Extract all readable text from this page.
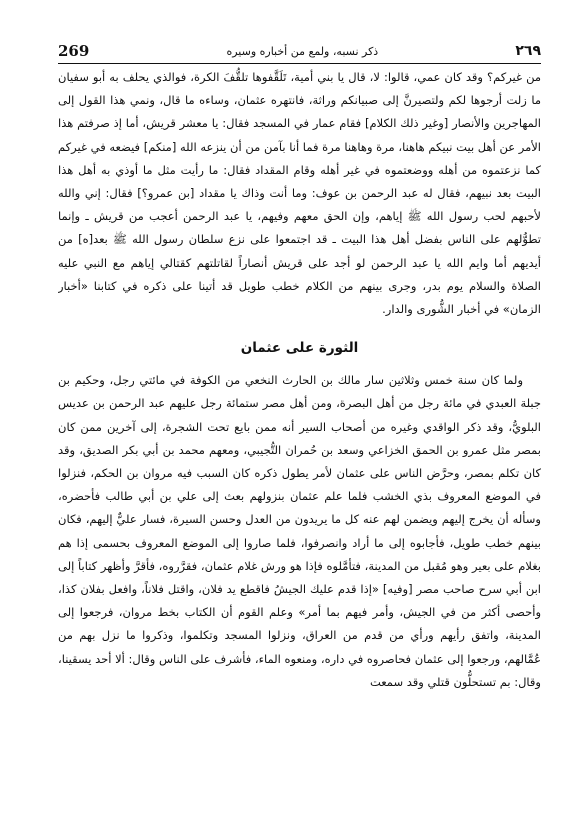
269	ذكر نسبه، ولمع من أخباره وسيره	٢٦٩

من غيركم؟ وقد كان عمي، قالوا: لا، قال يا بني أمية، تَلَقَّفوها تلقُّفَ الكرة، فوالذي يحلف به أبو سفيان ما زلت أرجوها لكم ولتصيرنَّ إلى صبيانكم وراثة، فانتهره عثمان، وساءه ما قال، ونمي هذا القول إلى المهاجرين والأنصار [وغير ذلك الكلام] فقام عمار في المسجد فقال: يا معشر قريش، أما إذ صرفتم هذا الأمر عن أهل بيت نبيكم هاهنا، مرة وهاهنا مرة فما أنا بآمن من أن ينزعه الله [منكم] فيضعه في غيركم كما نزعتموه من أهله ووضعتموه في غير أهله وقام المقداد فقال: ما رأيت مثل ما أوذي به أهل هذا البيت بعد نبيهم، فقال له عبد الرحمن بن عوف: وما أنت وذاك يا مقداد [بن عمرو؟] فقال: إني والله لأحبهم لحب رسول الله ﷺ إياهم، وإن الحق معهم وفيهم، يا عبد الرحمن أعجب من قريش ـ وإنما تطوُّلهم على الناس بفضل أهل هذا البيت ـ قد اجتمعوا على نزع سلطان رسول الله ﷺ بعد[ه] من أيديهم أما وايم الله يا عبد الرحمن لو أجد على قريش أنصاراً لقاتلتهم كقتالي إياهم مع النبي عليه الصلاة والسلام يوم بدر، وجرى بينهم من الكلام خطب طويل قد أتينا على ذكره في كتابنا «أخبار الزمان» في أخبار الشُّورى والدار.

الثورة على عثمان

ولما كان سنة خمس وثلاثين سار مالك بن الحارث النخعي من الكوفة في مائتي رجل، وحكيم بن جبلة العبدي في مائة رجل من أهل البصرة، ومن أهل مصر ستمائة رجل عليهم عبد الرحمن بن عديس البلويُّ، وقد ذكر الواقدي وغيره من أصحاب السير أنه ممن بايع تحت الشجرة، إلى آخرين ممن كان بمصر مثل عمرو بن الحمق الخزاعي وسعد بن حُمران التُّجيبي، ومعهم محمد بن أبي بكر الصديق، وقد كان تكلم بمصر، وحرَّض الناس على عثمان لأمر يطول ذكره كان السبب فيه مروان بن الحكم، فنزلوا في الموضع المعروف بذي الخشب فلما علم عثمان بنزولهم بعث إلى علي بن أبي طالب فأحضره، وسأله أن يخرج إليهم ويضمن لهم عنه كل ما يريدون من العدل وحسن السيرة، فسار عليٌّ إليهم، فكان بينهم خطب طويل، فأجابوه إلى ما أراد وانصرفوا، فلما صاروا إلى الموضع المعروف بحسمى إذا هم بغلام على بعير وهو مُقبل من المدينة، فتأمَّلوه فإذا هو ورش غلام عثمان، فقرَّروه، فأقرَّ وأظهر كتاباً إلى ابن أبي سرح صاحب مصر [وفيه] «إذا قدم عليك الجيشُ فاقطع يد فلان، واقتل فلاناً، وافعل بفلان كذا، وأحصى أكثر من في الجيش، وأمر فيهم بما أمر» وعلم القوم أن الكتاب بخط مروان، فرجعوا إلى المدينة، واتفق رأيهم ورأي من قدم من العراق، ونزلوا المسجد وتكلموا، وذكروا ما نزل بهم من عُمَّالهم، ورجعوا إلى عثمان فحاصروه في داره، ومنعوه الماء، فأشرف على الناس وقال: ألا أحد يسقينا، وقال: بم تستحلُّون قتلي وقد سمعت
